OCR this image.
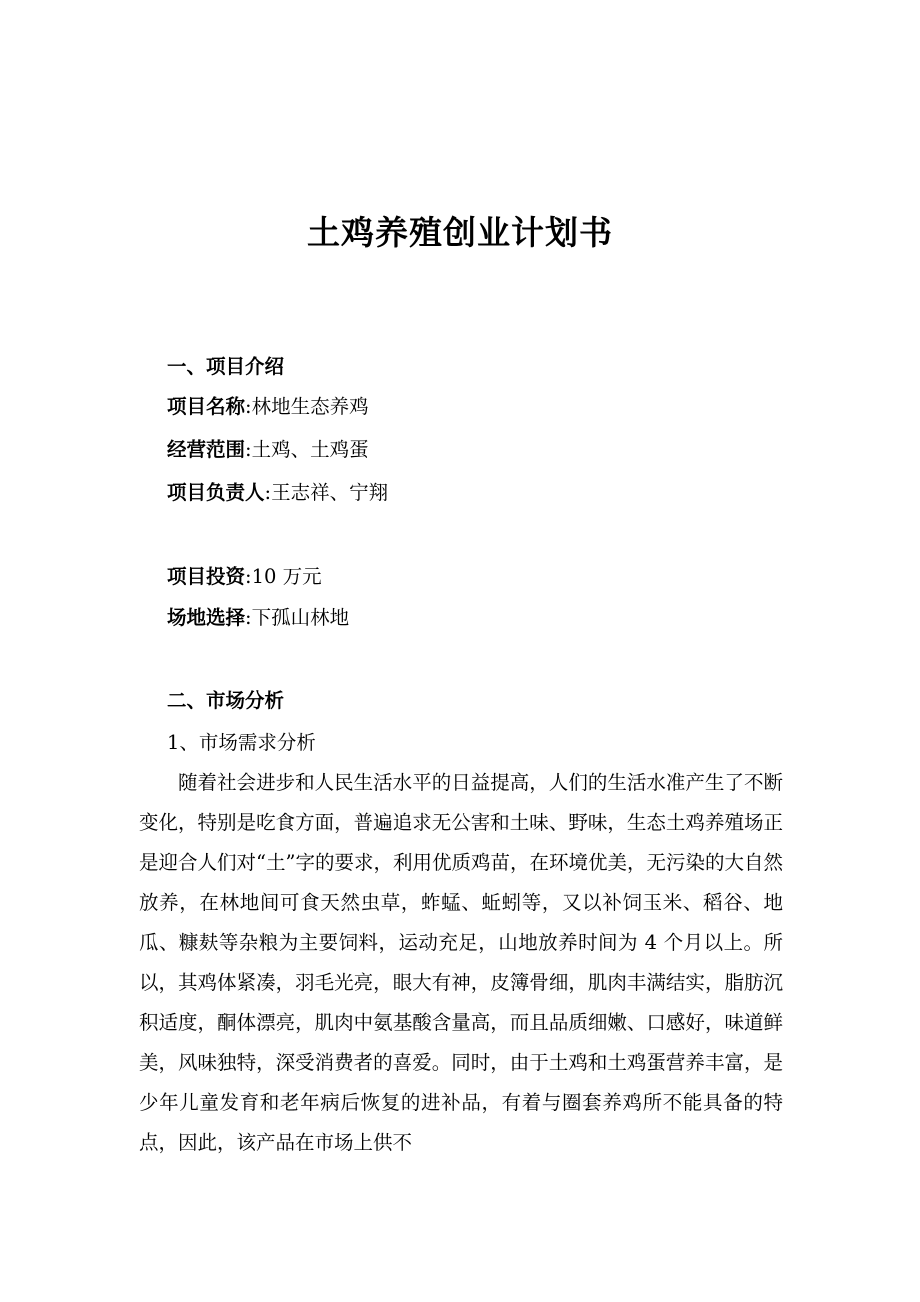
土鸡养殖创业计划书
一、项目介绍
项目名称:林地生态养鸡
经营范围:土鸡、土鸡蛋
项目负责人:王志祥、宁翔
项目投资:10 万元
场地选择:下孤山林地
二、市场分析
1、市场需求分析

随着社会进步和人民生活水平的日益提高，人们的生活水准产生了不断变化，特别是吃食方面，普遍追求无公害和土味、野味，生态土鸡养殖场正是迎合人们对“土”字的要求，利用优质鸡苗，在环境优美，无污染的大自然放养，在林地间可食天然虫草，蚱蜢、蚯蚓等，又以补饲玉米、稻谷、地瓜、糠麸等杂粮为主要饲料，运动充足，山地放养时间为 4 个月以上。所以，其鸡体紧凑，羽毛光亮，眼大有神，皮簿骨细，肌肉丰满结实，脂肪沉积适度，酮体漂亮，肌肉中氨基酸含量高，而且品质细嫩、口感好，味道鲜美，风味独特，深受消费者的喜爱。同时，由于土鸡和土鸡蛋营养丰富，是少年儿童发育和老年病后恢复的进补品，有着与圈套养鸡所不能具备的特点，因此，该产品在市场上供不
